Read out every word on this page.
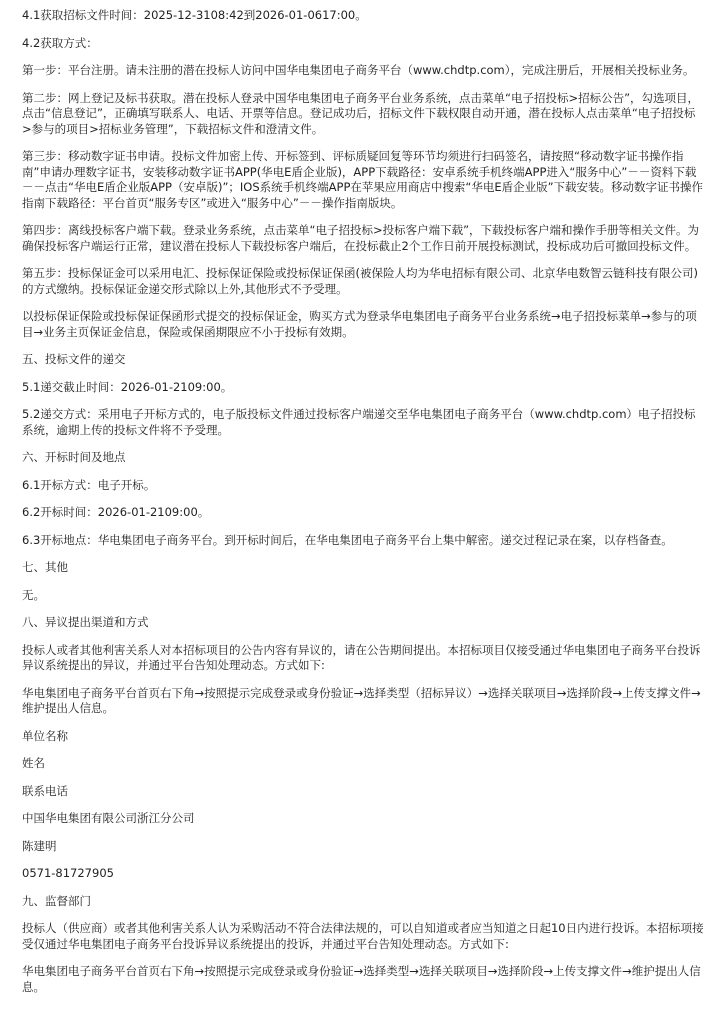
4.1获取招标文件时间：2025-12-3108:42到2026-01-0617:00。

4.2获取方式：

第一步：平台注册。请未注册的潜在投标人访问中国华电集团电子商务平台（www.chdtp.com），完成注册后，开展相关投标业务。

第二步：网上登记及标书获取。潜在投标人登录中国华电集团电子商务平台业务系统，点击菜单“电子招投标>招标公告”，勾选项目，点击“信息登记”，正确填写联系人、电话、开票等信息。登记成功后，招标文件下载权限自动开通，潜在投标人点击菜单“电子招投标>参与的项目>招标业务管理”，下载招标文件和澄清文件。

第三步：移动数字证书申请。投标文件加密上传、开标签到、评标质疑回复等环节均须进行扫码签名，请按照“移动数字证书操作指南”申请办理数字证书，安装移动数字证书APP(华电E盾企业版)，APP下载路径：安卓系统手机终端APP进入“服务中心”－－资料下载－－点击“华电E盾企业版APP（安卓版)”；IOS系统手机终端APP在苹果应用商店中搜索“华电E盾企业版”下载安装。移动数字证书操作指南下载路径：平台首页“服务专区”或进入“服务中心”－－操作指南版块。

第四步：离线投标客户端下载。登录业务系统，点击菜单“电子招投标>投标客户端下载”，下载投标客户端和操作手册等相关文件。为确保投标客户端运行正常，建议潜在投标人下载投标客户端后，在投标截止2个工作日前开展投标测试，投标成功后可撤回投标文件。

第五步：投标保证金可以采用电汇、投标保证保险或投标保证保函(被保险人均为华电招标有限公司、北京华电数智云链科技有限公司)的方式缴纳。投标保证金递交形式除以上外,其他形式不予受理。

以投标保证保险或投标保证保函形式提交的投标保证金，购买方式为登录华电集团电子商务平台业务系统→电子招投标菜单→参与的项目→业务主页保证金信息，保险或保函期限应不小于投标有效期。

五、投标文件的递交

5.1递交截止时间：2026-01-2109:00。

5.2递交方式：采用电子开标方式的，电子版投标文件通过投标客户端递交至华电集团电子商务平台（www.chdtp.com）电子招投标系统，逾期上传的投标文件将不予受理。

六、开标时间及地点

6.1开标方式：电子开标。

6.2开标时间：2026-01-2109:00。

6.3开标地点：华电集团电子商务平台。到开标时间后，在华电集团电子商务平台上集中解密。递交过程记录在案，以存档备查。

七、其他

无。

八、异议提出渠道和方式

投标人或者其他利害关系人对本招标项目的公告内容有异议的，请在公告期间提出。本招标项目仅接受通过华电集团电子商务平台投诉异议系统提出的异议，并通过平台告知处理动态。方式如下:

华电集团电子商务平台首页右下角→按照提示完成登录或身份验证→选择类型（招标异议）→选择关联项目→选择阶段→上传支撑文件→维护提出人信息。

单位名称

姓名

联系电话

中国华电集团有限公司浙江分公司

陈建明

0571-81727905

九、监督部门

投标人（供应商）或者其他利害关系人认为采购活动不符合法律法规的，可以自知道或者应当知道之日起10日内进行投诉。本招标项接受仅通过华电集团电子商务平台投诉异议系统提出的投诉，并通过平台告知处理动态。方式如下:

华电集团电子商务平台首页右下角→按照提示完成登录或身份验证→选择类型→选择关联项目→选择阶段→上传支撑文件→维护提出人信息。
